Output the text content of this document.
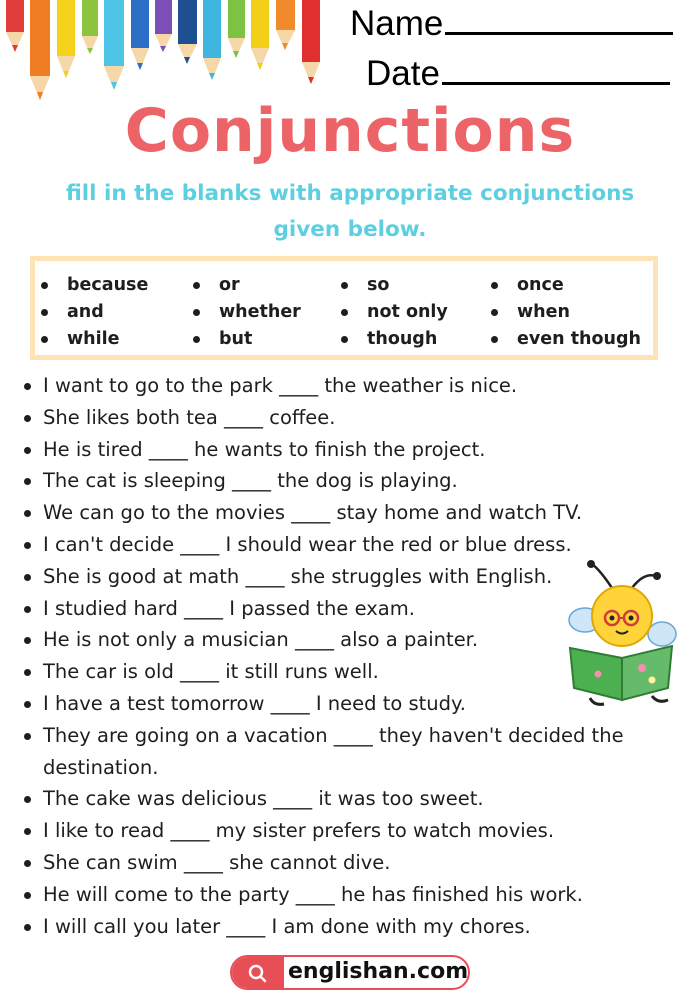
Name
Date
Conjunctions

fill in the blanks with appropriate conjunctions given below.

because
and
while
or
whether
but
so
not only
though
once
when
even though
I want to go to the park ____ the weather is nice.
She likes both tea ____ coffee.
He is tired ____ he wants to finish the project.
The cat is sleeping ____ the dog is playing.
We can go to the movies ____ stay home and watch TV.
I can't decide ____ I should wear the red or blue dress.
She is good at math ____ she struggles with English.
I studied hard ____ I passed the exam.
He is not only a musician ____ also a painter.
The car is old ____ it still runs well.
I have a test tomorrow ____ I need to study.
They are going on a vacation ____ they haven't decided the destination.
The cake was delicious ____ it was too sweet.
I like to read ____ my sister prefers to watch movies.
She can swim ____ she cannot dive.
He will come to the party ____ he has finished his work.
I will call you later ____ I am done with my chores.
englishan.com
